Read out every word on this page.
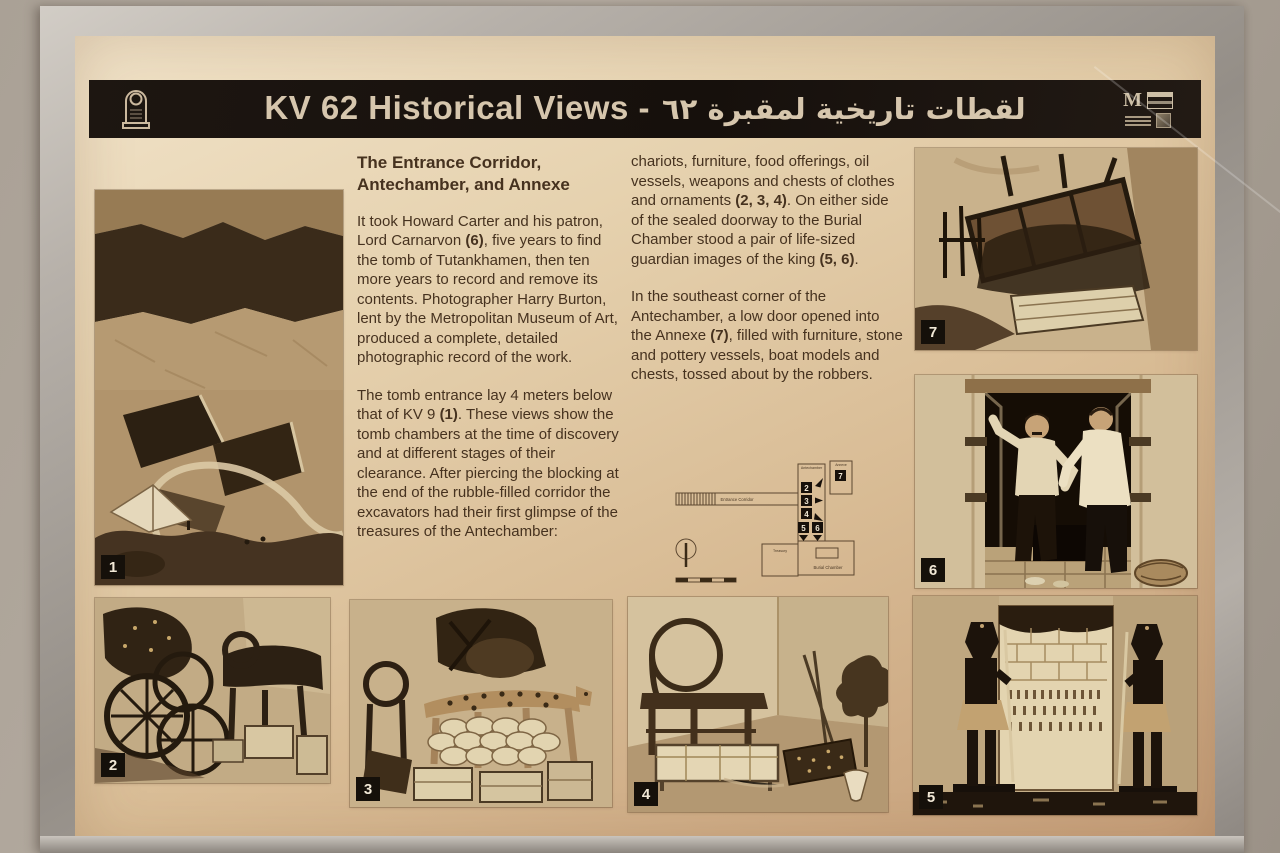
KV 62 Historical Views - لقطات تاريخية لمقبرة ٦٢	M
1
The Entrance Corridor, Antechamber, and Annexe

It took Howard Carter and his patron, Lord Carnarvon (6), five years to find the tomb of Tutankhamen, then ten more years to record and remove its contents. Photographer Harry Burton, lent by the Metropolitan Museum of Art, produced a complete, detailed photographic record of the work.

The tomb entrance lay 4 meters below that of KV 9 (1). These views show the tomb chambers at the time of discovery and at different stages of their clearance. After piercing the blocking at the end of the rubble-filled corridor the excavators had their first glimpse of the treasures of the Antechamber:

chariots, furniture, food offerings, oil vessels, weapons and chests of clothes and ornaments (2, 3, 4). On either side of the sealed doorway to the Burial Chamber stood a pair of life-sized guardian images of the king (5, 6).

In the southeast corner of the Antechamber, a low door opened into the Annexe (7), filled with furniture, stone and pottery vessels, boat models and chests, tossed about by the robbers.

Entrance Corridor
Antechamber
Annexe
Treasury
Burial Chamber
7
2
3
4
5 6
7
6
2
3	4	5
